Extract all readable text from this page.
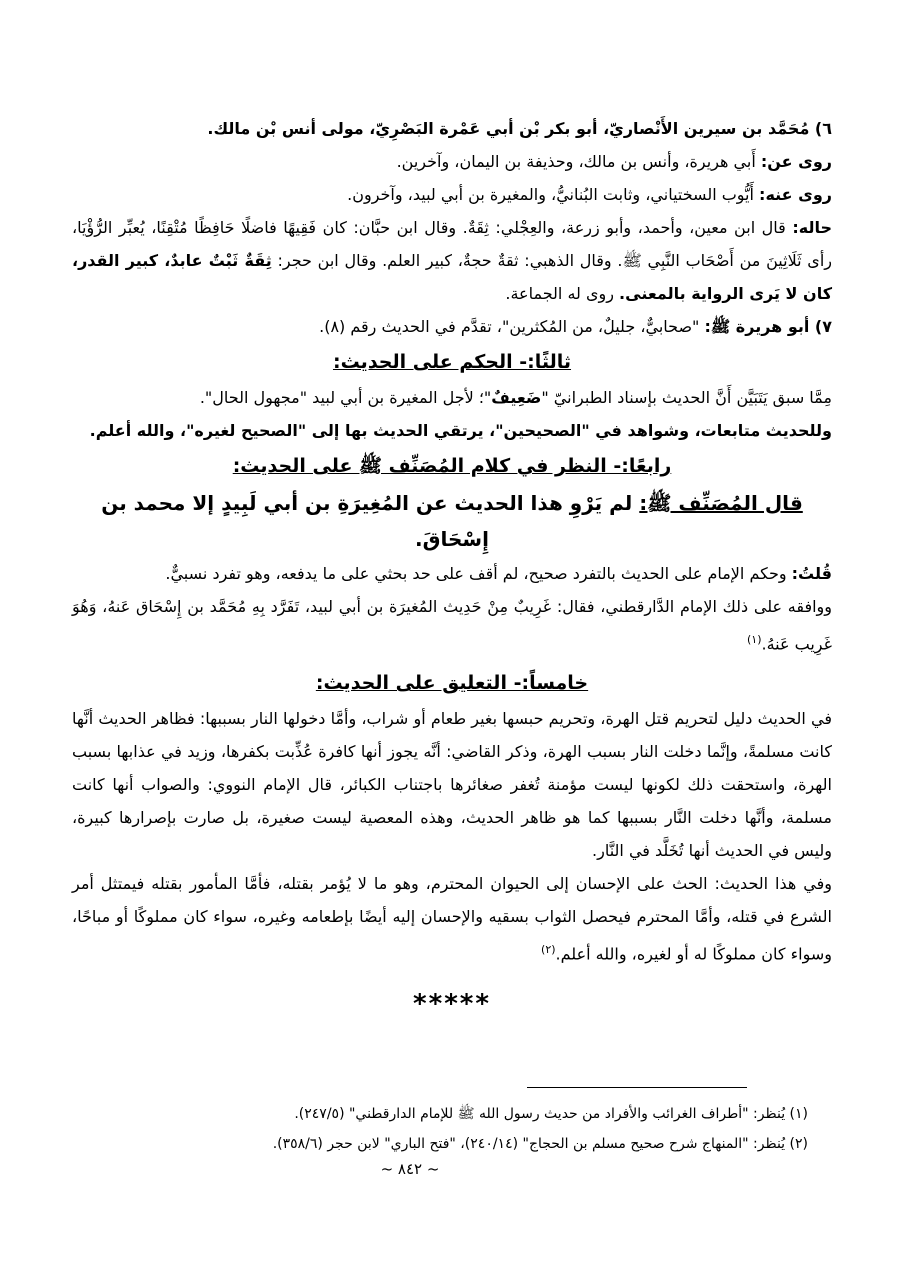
٦) مُحَمَّد بن سيرين الأَنْصاريّ، أبو بكر بْن أبي عَمْرة البَصْرِيّ، مولى أنس بْن مالك.

روى عن: أَبي هريرة، وأنس بن مالك، وحذيفة بن اليمان، وآخرين.

روى عنه: أَيُّوب السختياني، وثابت البُنانيُّ، والمغيرة بن أبي لبيد، وآخرون.

حاله: قال ابن معين، وأحمد، وأبو زرعة، والعِجْلي: ثِقَةٌ. وقال ابن حبَّان: كان فَقِيهًا فاضلًا حَافِظًا مُتْقِنًا، يُعبِّر الرُّؤْيَا، رأى ثَلَاثِينَ من أَصْحَاب النَّبِي ﷺ. وقال الذهبي: ثقةٌ حجةٌ، كبير العلم. وقال ابن حجر: ثِقَةٌ ثَبْتٌ عابدٌ، كبير القدر، كان لا يَرى الرواية بالمعنى. روى له الجماعة.

٧) أبو هريرة ﷺ: "صحابيٌّ، جليلٌ، من المُكثرين"، تقدَّم في الحديث رقم (٨).

ثالثًا:- الحكم على الحديث:

مِمَّا سبق يَتَبَيَّن أَنَّ الحديث بإسناد الطبرانيّ "ضَعِيفٌ"؛ لأجل المغيرة بن أبي لبيد "مجهول الحال".

وللحديث متابعات، وشواهد في "الصحيحين"، يرتقي الحديث بها إلى "الصحيح لغيره"، والله أعلم.

رابعًا:- النظر في كلام المُصَنِّف ﷺ على الحديث:

قال المُصَنِّف ﷺ: لم يَرْوِ هذا الحديث عن المُغِيرَةِ بن أبي لَبِيدٍ إلا محمد بن إِسْحَاقَ.

قُلتُ: وحكم الإمام على الحديث بالتفرد صحيح، لم أقف على حد بحثي على ما يدفعه، وهو تفرد نسبيٌّ.

ووافقه على ذلك الإمام الدَّارقطني، فقال: غَرِيبٌ مِنْ حَدِيث المُغيرَة بن أبي لبيد، تَفَرَّد بِهِ مُحَمَّد بن إِسْحَاق عَنهُ، وَهُوَ غَرِيب عَنهُ.$^{(١)}$

خامساً:- التعليق على الحديث:

في الحديث دليل لتحريم قتل الهرة، وتحريم حبسها بغير طعام أو شراب، وأمَّا دخولها النار بسببها: فظاهر الحديث أنَّها كانت مسلمةً، وإنَّما دخلت النار بسبب الهرة، وذكر القاضي: أنَّه يجوز أنها كافرة عُذِّبت بكفرها، وزيد في عذابها بسبب الهرة، واستحقت ذلك لكونها ليست مؤمنة تُغفر صغائرها باجتناب الكبائر، قال الإمام النووي: والصواب أنها كانت مسلمة، وأنَّها دخلت النَّار بسببها كما هو ظاهر الحديث، وهذه المعصية ليست صغيرة، بل صارت بإصرارها كبيرة، وليس في الحديث أنها تُخَلَّد في النَّار.

وفي هذا الحديث: الحث على الإحسان إلى الحيوان المحترم، وهو ما لا يُؤمر بقتله، فأمَّا المأمور بقتله فيمتثل أمر الشرع في قتله، وأمَّا المحترم فيحصل الثواب بسقيه والإحسان إليه أيضًا بإطعامه وغيره، سواء كان مملوكًا أو مباحًا، وسواء كان مملوكًا له أو لغيره، والله أعلم.$^{(٢)}$

*****
(١) يُنظر: "أطراف الغرائب والأفراد من حديث رسول الله ﷺ للإمام الدارقطني" (٢٤٧/٥).
(٢) يُنظر: "المنهاج شرح صحيح مسلم بن الحجاج" (٢٤٠/١٤)، "فتح الباري" لابن حجر (٣٥٨/٦).
~ ٨٤٢ ~
